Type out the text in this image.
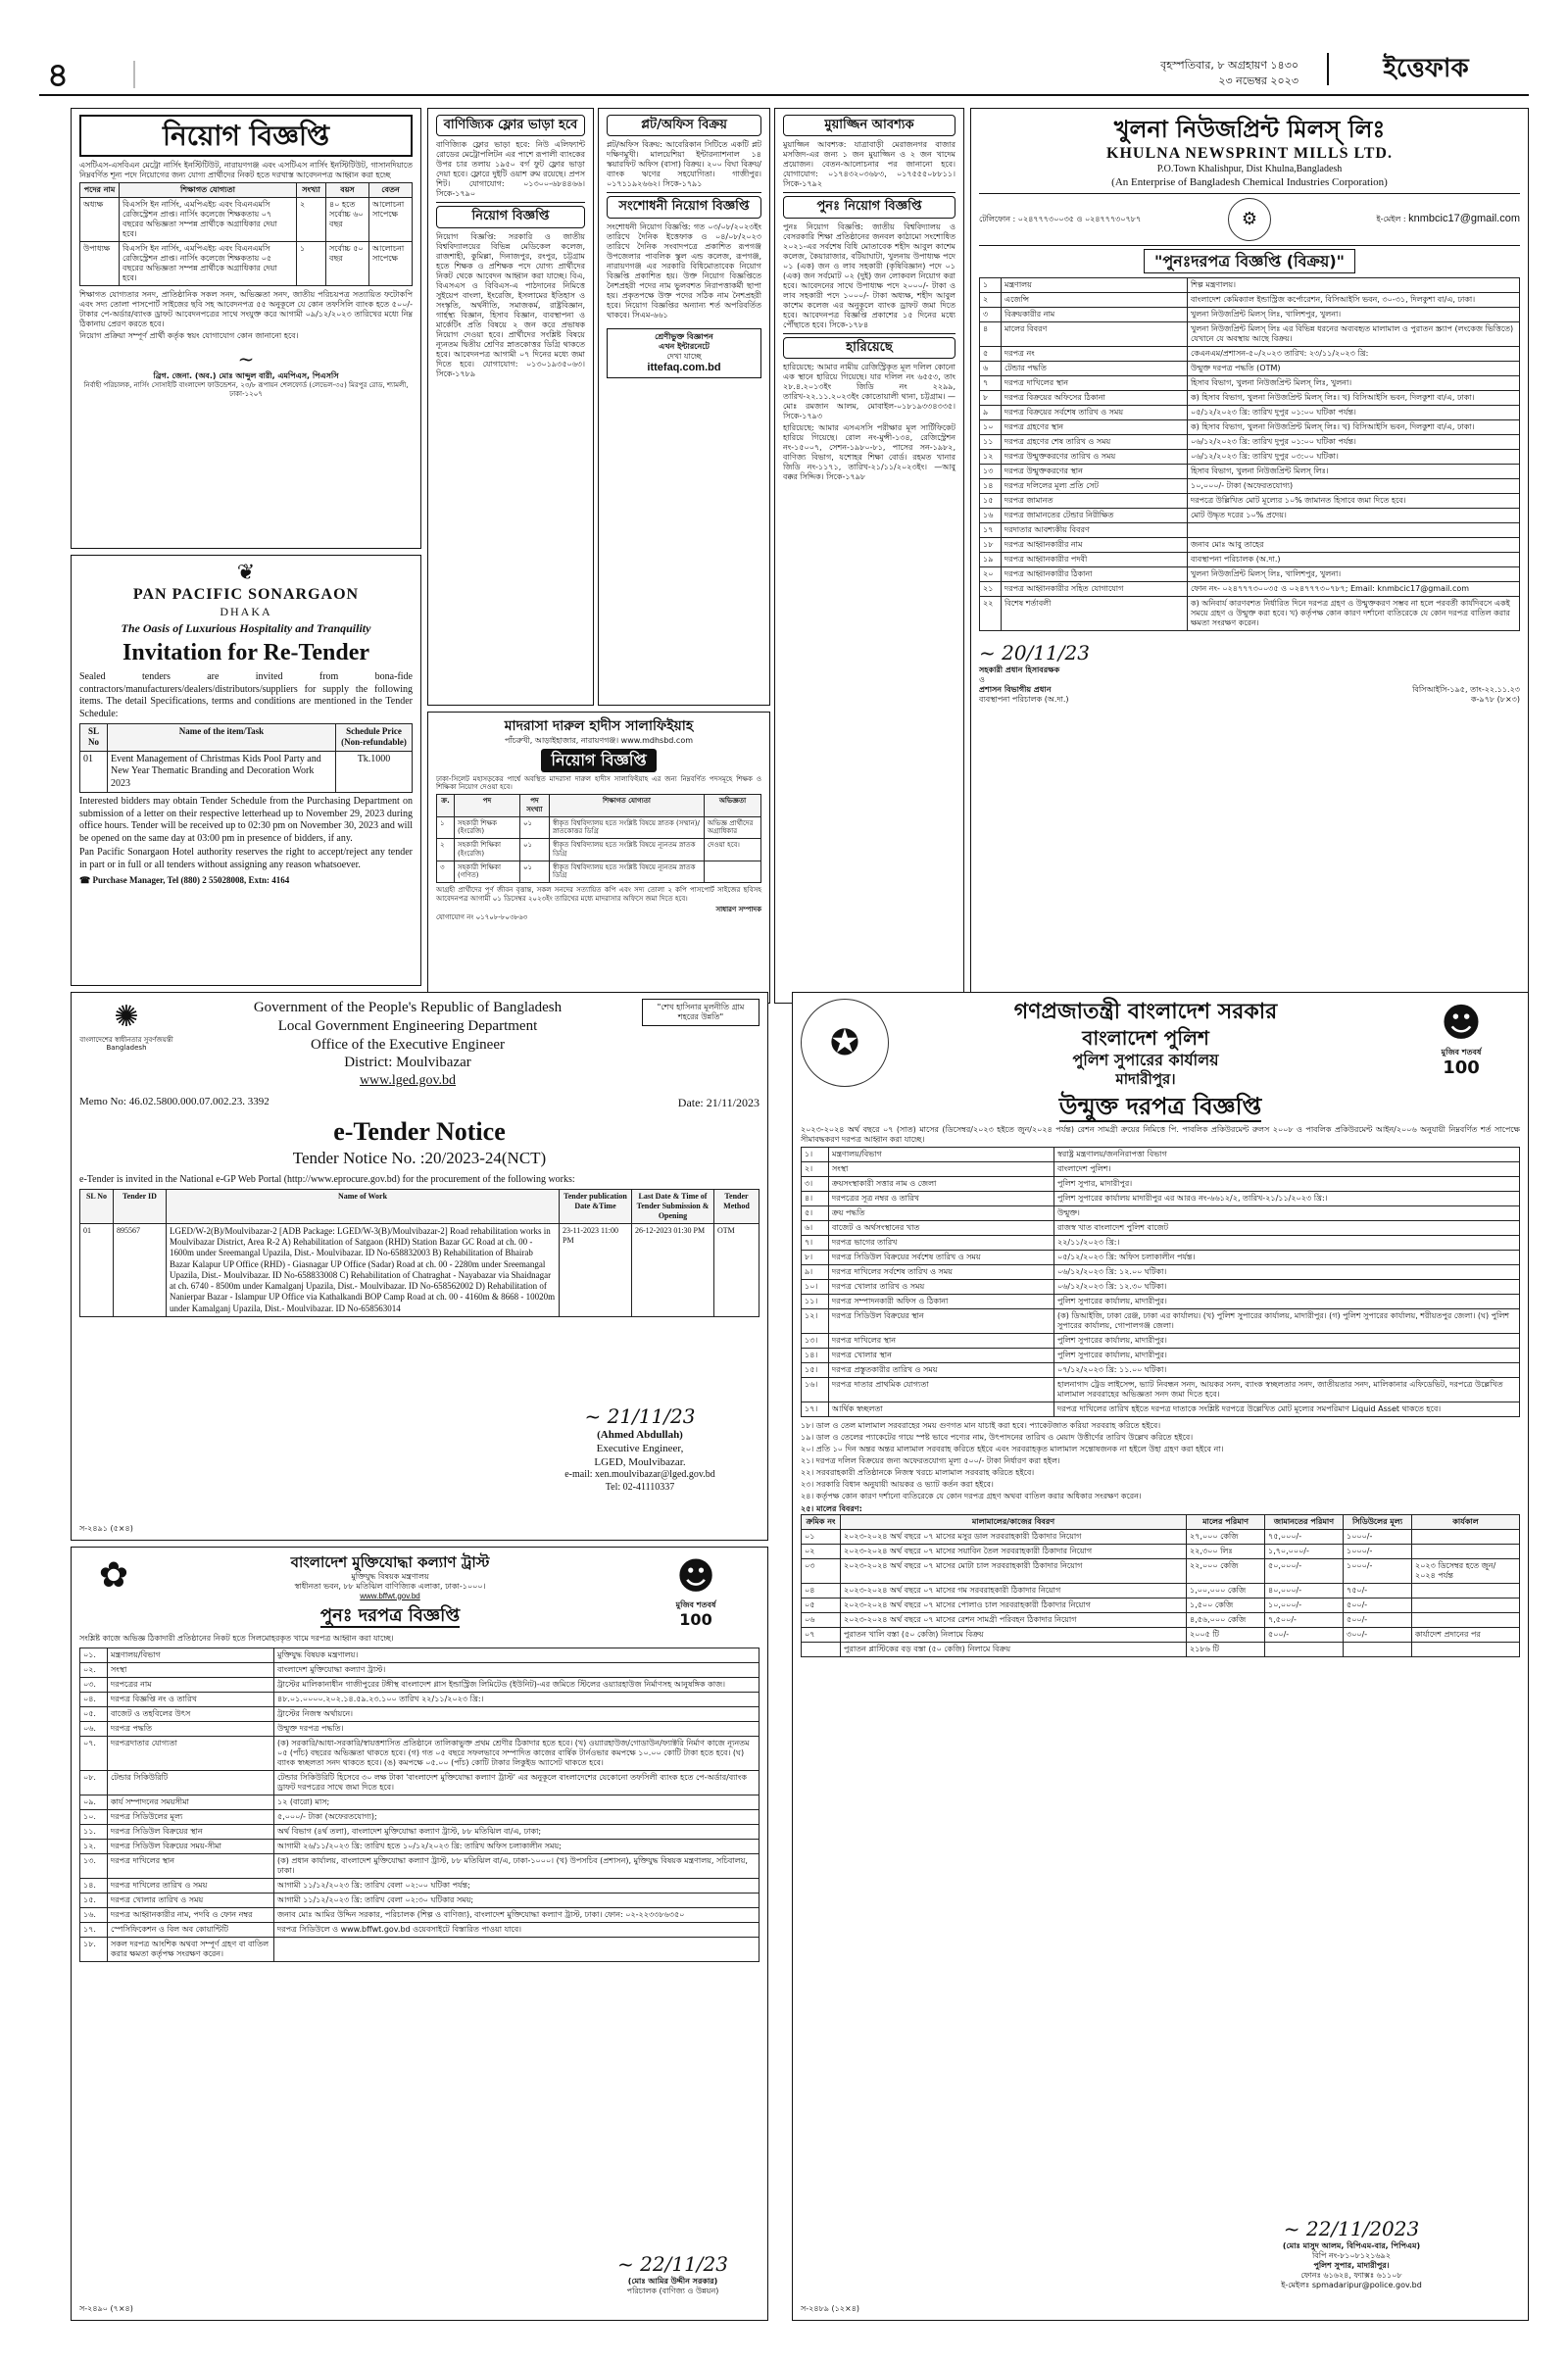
৪	বৃহস্পতিবার, ৮ অগ্রহায়ণ ১৪৩০
২৩ নভেম্বর ২০২৩	ইত্তেফাক
নিয়োগ বিজ্ঞপ্তি

এসটিএস-এসবিএন মেট্রো নার্সিং ইনস্টিটিউট, নারায়ণগঞ্জ এবং এসটিএস নার্সিং ইনস্টিটিউট, গাসানদিয়াতে নিম্নবর্ণিত শূন্য পদে নিয়োগের জন্য যোগ্য প্রার্থীদের নিকট হতে দরখাস্ত আবেদনপত্র আহ্বান করা হচ্ছে

পদের নাম	শিক্ষাগত যোগ্যতা	সংখ্যা	বয়স	বেতন
অধ্যক্ষ	বিএসসি ইন নার্সিং, এমপিএইচ এবং বিএনএমসি রেজিস্ট্রেশন প্রাপ্ত। নার্সিং কলেজে শিক্ষকতায় ০৭ বছরের অভিজ্ঞতা সম্পন্ন প্রার্থীকে অগ্রাধিকার দেয়া হবে।	২	৪০ হতে সর্বোচ্চ ৬০ বছর	আলোচনা সাপেক্ষে
উপাধ্যক্ষ	বিএসসি ইন নার্সিং, এমপিএইচ এবং বিএনএমসি রেজিস্ট্রেশন প্রাপ্ত। নার্সিং কলেজে শিক্ষকতায় ০৫ বছরের অভিজ্ঞতা সম্পন্ন প্রার্থীকে অগ্রাধিকার দেয়া হবে।	১	সর্বোচ্চ ৫০ বছর	আলোচনা সাপেক্ষে

শিক্ষাগত যোগ্যতার সনদ, প্রাতিষ্ঠানিক সকল সনদ, অভিজ্ঞতা সনদ, জাতীয় পরিচয়পত্র সত্যায়িত ফটোকপি এবং সদ্য তোলা পাসপোর্ট সাইজের ছবি সহ আবেদনপত্র ৫৫ অনুকূলে যে কোন তফসিলি ব্যাংক হতে ৫০০/- টাকার পে-অর্ডার/ব্যাংক ড্রাফট আবেদনপত্রের সাথে সংযুক্ত করে আগামী ০৯/১২/২০২৩ তারিখের মধ্যে নিম্ন ঠিকানায় প্রেরণ করতে হবে।

নিয়োগ প্রক্রিয়া সম্পূর্ণ প্রার্থী কর্তৃক স্বয়ং যোগাযোগ কোন জানানো হবে।

~
ব্রিগ. জেনা. (অব.) মোঃ আব্দুল বারী, এমপিএস, পিএসসি
নির্বাহী পরিচালক, নার্সিং সোসাইটি বাংলাদেশ ফাউন্ডেশন, ২৩/৮ রূপায়ন শেলফোর্ড (লেভেল-৩৫) মিরপুর রোড, শ্যামলী, ঢাকা-১২০৭
❦
PAN PACIFIC SONARGAON
DHAKA
The Oasis of Luxurious Hospitality and Tranquility
Invitation for Re-Tender

Sealed tenders are invited from bona-fide contractors/manufacturers/dealers/distributors/suppliers for supply the following items. The detail Specifications, terms and conditions are mentioned in the Tender Schedule:

SL No	Name of the item/Task	Schedule Price (Non-refundable)
01	Event Management of Christmas Kids Pool Party and New Year Thematic Branding and Decoration Work 2023	Tk.1000

Interested bidders may obtain Tender Schedule from the Purchasing Department on submission of a letter on their respective letterhead up to November 29, 2023 during office hours. Tender will be received up to 02:30 pm on November 30, 2023 and will be opened on the same day at 03:00 pm in presence of bidders, if any.

Pan Pacific Sonargaon Hotel authority reserves the right to accept/reject any tender in part or in full or all tenders without assigning any reason whatsoever.

☎ Purchase Manager, Tel (880) 2 55028008, Extn: 4164
বাণিজ্যিক ফ্লোর ভাড়া হবে

বাণিজ্যিক ফ্লোর ভাড়া হবে: নিউ এলিফ্যান্ট রোডের মেট্রোপলিটন এর পাশে রূপালী ব্যাংকের উপর চার তলায় ১৯৫০ বর্গ ফুট ফ্লোর ভাড়া দেয়া হবে। ফ্লোরে দুইটি ওয়াশ রুম রয়েছে। প্রপস শিট। যোগাযোগ: ০১৩০০-৬৮৪৪৬৬। সিকে-১৭৯০

নিয়োগ বিজ্ঞপ্তি

নিয়োগ বিজ্ঞপ্তি: সরকারি ও জাতীয় বিশ্ববিদ্যালয়ের বিভিন্ন মেডিকেল কলেজ, রাজশাহী, কুমিল্লা, দিনাজপুর, রংপুর, চট্টগ্রাম হতে শিক্ষক ও প্রশিক্ষক পদে যোগ্য প্রার্থীদের নিকট থেকে আবেদন আহ্বান করা যাচ্ছে। বিএ, বিএসএস ও বিবিএস-এ পাঠদানের নিমিত্তে সুইয়েপ বাংলা, ইংরেজি, ইসলামের ইতিহাস ও সংস্কৃতি, অর্থনীতি, সমাজকর্ম, রাষ্ট্রবিজ্ঞান, গার্হস্থ্য বিজ্ঞান, হিসাব বিজ্ঞান, ব্যবস্থাপনা ও মার্কেটিং প্রতি বিষয়ে ২ জন করে প্রভাষক নিয়োগ দেওয়া হবে। প্রার্থীদের সংশ্লিষ্ট বিষয়ে ন্যূনতম দ্বিতীয় শ্রেণির স্নাতকোত্তর ডিগ্রি থাকতে হবে। আবেদনপত্র আগামী ০৭ দিনের মধ্যে জমা দিতে হবে। যোগাযোগ: ০১৩০১৯৩৫০৬৩। সিকে-১৭৮৯

প্লট/অফিস বিক্রয়

প্লট/অফিস বিক্রয়: আবেরিকান সিটিতে একটি প্লট দক্ষিণমুখী। মালয়েশিয়া ইন্টারন্যাশনাল ১৪ স্কয়ারফিট অফিস (বাসা) বিক্রয়। ২০০ বিঘা বিক্রয়/ব্যাংক ঋণের সহযোগিতা। গাজীপুর। ০১৭১১৯২৬৬২। সিকে-১৭৯১

সংশোধনী নিয়োগ বিজ্ঞপ্তি

সংশোধনী নিয়োগ বিজ্ঞপ্তি: গত ০৩/০৮/২০২৩ইং তারিখে দৈনিক ইত্তেফাক ও ০৪/০৮/২০২৩ তারিখে দৈনিক সংবাদপত্রে প্রকাশিত রূপগঞ্জ উপজেলার পাবলিক স্কুল এন্ড কলেজ, রূপগঞ্জ, নারায়ণগঞ্জ এর সরকারি বিধিমোতাবেক নিয়োগ বিজ্ঞপ্তি প্রকাশিত হয়। উক্ত নিয়োগ বিজ্ঞপ্তিতে নৈশপ্রহরী পদের নাম ভুলবশত নিরাপত্তাকর্মী ছাপা হয়। প্রকৃতপক্ষে উক্ত পদের সঠিক নাম নৈশপ্রহরী হবে। নিয়োগ বিজ্ঞপ্তির অন্যান্য শর্ত অপরিবর্তিত থাকবে। সিএম-৬৬১

শ্রেণীভুক্ত বিজ্ঞাপন
এখন ইন্টারনেটে
দেখা যাচ্ছে
ittefaq.com.bd
মুয়াজ্জিন আবশ্যক

মুয়াজ্জিন আবশ্যক: যাত্রাবাড়ী মেরাজনগর বাজার মসজিদ-এর জন্য ১ জন মুয়াজ্জিন ও ২ জন খাদেম প্রয়োজন। বেতন-আলোচনার পর জানানো হবে। যোগাযোগ: ০১৭৪৩২০৩৬৮৩, ০১৭৫৫৫০৮৮১১। সিকে-১৭৯২

পুনঃ নিয়োগ বিজ্ঞপ্তি

পুনঃ নিয়োগ বিজ্ঞপ্তি: জাতীয় বিশ্ববিদ্যালয় ও বেসরকারি শিক্ষা প্রতিষ্ঠানের জনবল কাঠামো সংশোধিত ২০২১-এর সর্বশেষ বিধি মোতাবেক শহীদ আবুল কাশেম কলেজ, কৈয়ারাজার, বটিয়াঘাটা, খুলনায় উপাধ্যক্ষ পদে ০১ (এক) জন ও লাব সহকারী (কৃষিবিজ্ঞান) পদে ০১ (এক) জন সর্বমোট ০২ (দুই) জন লোকবল নিয়োগ করা হবে। আবেদনের সাথে উপাধ্যক্ষ পদে ২০০০/- টাকা ও লাব সহকারী পদে ১০০০/- টাকা অধ্যক্ষ, শহীদ আবুল কাশেম কলেজ এর অনুকূলে ব্যাংক ড্রাফট জমা দিতে হবে। আবেদনপত্র বিজ্ঞপ্তি প্রকাশের ১৫ দিনের মধ্যে পৌঁছাতে হবে। সিকে-১৭৮৪

হারিয়েছে

হারিয়েছে: আমার নামীয় রেজিস্ট্রিকৃত মূল দলিল কোনো এক স্থানে হারিয়ে গিয়েছে। যার দলিল নং ৬৫৫৩, তাং ২৮.৪.২০১৩ইং জিডি নং ২২৯৯, তারিখ-২২.১১.২০২৩ইং কোতোয়ালী থানা, চট্টগ্রাম। —মোঃ রমজান আলম, মোবাইল-০১৮১৯৩৩৪৩৩৫। সিকে-১৭৯৩

হারিয়েছে: আমার এসএসসি পরীক্ষার মূল সার্টিফিকেট হারিয়ে গিয়েছে। রোল নং-মুন্সী-১৩৪, রেজিস্ট্রেশন নং-১৫০০৭, সেশন-১৯৮০-৮১, পাসের সন-১৯৮২, বাণিজ্য বিভাগ, যশোহর শিক্ষা বোর্ড। রহমত খানার জিডি নং-১১৭১, তারিখ-২১/১১/২০২৩ইং। —আবু বক্কর সিদ্দিক। সিকে-১৭৯৮

মাদরাসা দারুল হাদীস সালাফিইয়াহ
পাঁচরুখী, আড়াইহাজার, নারায়ণগঞ্জ। www.mdhsbd.com
নিয়োগ বিজ্ঞপ্তি

ঢাকা-সিলেট মহাসড়কের পার্শ্বে অবস্থিত মাদরাসা দারুল হাদীস সালাফিইয়াহ এর জন্য নিম্নবর্ণিত পদসমূহে শিক্ষক ও শিক্ষিকা নিয়োগ দেওয়া হবে।

ক্র.	পদ	পদ সংখ্যা	শিক্ষাগত যোগ্যতা	অভিজ্ঞতা
১	সহকারী শিক্ষক (ইংরেজি)	০১	স্বীকৃত বিশ্ববিদ্যালয় হতে সংশ্লিষ্ট বিষয়ে স্নাতক (সম্মান)/ স্নাতকোত্তর ডিগ্রি	অভিজ্ঞ প্রার্থীদের অগ্রাধিকার
২	সহকারী শিক্ষিকা (ইংরেজি)	০১	স্বীকৃত বিশ্ববিদ্যালয় হতে সংশ্লিষ্ট বিষয়ে ন্যূনতম স্নাতক ডিগ্রি	দেওয়া হবে।
৩	সহকারী শিক্ষিকা (গণিত)	০১	স্বীকৃত বিশ্ববিদ্যালয় হতে সংশ্লিষ্ট বিষয়ে ন্যূনতম স্নাতক ডিগ্রি	

আগ্রহী প্রার্থীদের পূর্ণ জীবন বৃত্তান্ত, সকল সনদের সত্যায়িত কপি এবং সদ্য তোলা ২ কপি পাসপোর্ট সাইজের ছবিসহ আবেদনপত্র আগামী ০১ ডিসেম্বর ২০২৩ইং তারিখের মধ্যে মাদরাসার অফিসে জমা দিতে হবে।

সাধারণ সম্পাদক
যোগাযোগ নং ০১৭০৮-৮০৩৮৬৩
খুলনা নিউজপ্রিন্ট মিলস্‌ লিঃ
KHULNA NEWSPRINT MILLS LTD.
P.O.Town Khalishpur, Dist Khulna,Bangladesh
(An Enterprise of Bangladesh Chemical Industries Corporation)
টেলিফোন : ০২৪৭৭৭৩০০৩৫ ও ০২৪৭৭৭৩০৭৮৭	⚙	ই-মেইল : knmbcic17@gmail.com
"পুনঃদরপত্র বিজ্ঞপ্তি (বিক্রয়)"
১	মন্ত্রণালয়	শিল্প মন্ত্রণালয়।
২	এজেন্সি	বাংলাদেশ কেমিক্যাল ইন্ডাস্ট্রিজ কর্পোরেশন, বিসিআইসি ভবন, ৩০-৩১, দিলকুশা বা/এ, ঢাকা।
৩	বিক্রয়কারীর নাম	খুলনা নিউজপ্রিন্ট মিলস্‌ লিঃ, খালিশপুর, খুলনা।
৪	মালের বিবরণ	খুলনা নিউজপ্রিন্ট মিলস্‌ লিঃ এর বিভিন্ন ধরনের অব্যবহৃত মালামাল ও পুরাতন স্ক্র্যাপ (লংকেজ ভিত্তিতে) যেখানে যে অবস্থায় আছে বিক্রয়।
৫	দরপত্র নং	কেএনএম/প্রশাসন-৫০/২০২৩ তারিখ: ২৩/১১/২০২৩ খ্রি:
৬	টেন্ডার পদ্ধতি	উন্মুক্ত দরপত্র পদ্ধতি (OTM)
৭	দরপত্র দাখিলের স্থান	হিসাব বিভাগ, খুলনা নিউজপ্রিন্ট মিলস্‌ লিঃ, খুলনা।
৮	দরপত্র বিক্রয়ের অফিসের ঠিকানা	ক) হিসাব বিভাগ, খুলনা নিউজপ্রিন্ট মিলস্‌ লিঃ। খ) বিসিআইসি ভবন, দিলকুশা বা/এ, ঢাকা।
৯	দরপত্র বিক্রয়ের সর্বশেষ তারিখ ও সময়	০৫/১২/২০২৩ খ্রি: তারিখ দুপুর ০১:০০ ঘটিকা পর্যন্ত।
১০	দরপত্র গ্রহণের স্থান	ক) হিসাব বিভাগ, খুলনা নিউজপ্রিন্ট মিলস্‌ লিঃ। খ) বিসিআইসি ভবন, দিলকুশা বা/এ, ঢাকা।
১১	দরপত্র গ্রহণের শেষ তারিখ ও সময়	০৬/১২/২০২৩ খ্রি: তারিখ দুপুর ০১:০০ ঘটিকা পর্যন্ত।
১২	দরপত্র উন্মুক্তকরণের তারিখ ও সময়	০৬/১২/২০২৩ খ্রি: তারিখ দুপুর ০৩:০০ ঘটিকা।
১৩	দরপত্র উন্মুক্তকরণের স্থান	হিসাব বিভাগ, খুলনা নিউজপ্রিন্ট মিলস্‌ লিঃ।
১৪	দরপত্র দলিলের মূল্য প্রতি সেট	১০,০০০/- টাকা (অফেরতযোগ্য)
১৫	দরপত্র জামানত	দরপত্রে উল্লিখিত মোট মূল্যের ১০% জামানত হিসাবে জমা দিতে হবে।
১৬	দরপত্র জামানতের টেন্ডার নিরীক্ষিত	মোট উদ্ধৃত দরের ১০% প্রদেয়।
১৭	দরদাতার আবশ্যকীয় বিবরণ	
১৮	দরপত্র আহ্বানকারীর নাম	জনাব মোঃ আবু তাহের
১৯	দরপত্র আহ্বানকারীর পদবী	ব্যবস্থাপনা পরিচালক (অ.দা.)
২০	দরপত্র আহ্বানকারীর ঠিকানা	খুলনা নিউজপ্রিন্ট মিলস্‌ লিঃ, খালিশপুর, খুলনা।
২১	দরপত্র আহ্বানকারীর সহিত যোগাযোগ	ফোন নং- ০২৪৭৭৭৩০০৩৫ ও ০২৪৭৭৭৩০৭৮৭; Email: knmbcic17@gmail.com
২২	বিশেষ শর্তাবলী	ক) অনিবার্য কারণবশত নির্ধারিত দিনে দরপত্র গ্রহণ ও উন্মুক্তকরণ সম্ভব না হলে পরবর্তী কার্যদিবসে একই সময়ে গ্রহণ ও উন্মুক্ত করা হবে। খ) কর্তৃপক্ষ কোন কারণ দর্শানো ব্যতিরেকে যে কোন দরপত্র বাতিল করার ক্ষমতা সংরক্ষণ করেন।
~ 20/11/23
সহকারী প্রধান হিসাবরক্ষক
ও
প্রশাসন বিভাগীয় প্রধান
ব্যবস্থাপনা পরিচালক (অ.দা.)
বিসিআইসি-১৯৫, তাং-২২.১১.২৩
ক-৯৭৮ (৮×৩)
✺
বাংলাদেশের স্বাধীনতার সুবর্ণজয়ন্তী Bangladesh
Government of the People's Republic of Bangladesh
Local Government Engineering Department
Office of the Executive Engineer
District: Moulvibazar
www.lged.gov.bd
"শেখ হাসিনার মূলনীতি গ্রাম শহরের উন্নতি"
Memo No: 46.02.5800.000.07.002.23. 3392	Date: 21/11/2023
e-Tender Notice
Tender Notice No. :20/2023-24(NCT)

e-Tender is invited in the National e-GP Web Portal (http://www.eprocure.gov.bd) for the procurement of the following works:

SL No	Tender ID	Name of Work	Tender publication Date &Time	Last Date & Time of Tender Submission & Opening	Tender Method
01	895567	LGED/W-2(B)/Moulvibazar-2 [ADB Package: LGED/W-3(B)/Moulvibazar-2] Road rehabilitation works in Moulvibazar District, Area R-2 A) Rehabilitation of Satgaon (RHD) Station Bazar GC Road at ch. 00 - 1600m under Sreemangal Upazila, Dist.- Moulvibazar. ID No-658832003 B) Rehabilitation of Bhairab Bazar Kalapur UP Office (RHD) - Giasnagar UP Office (Sadar) Road at ch. 00 - 2280m under Sreemangal Upazila, Dist.- Moulvibazar. ID No-658833008 C) Rehabilitation of Chatraghat - Nayabazar via Shaidnagar at ch. 6740 - 8500m under Kamalganj Upazila, Dist.- Moulvibazar. ID No-658562002 D) Rehabilitation of Nanierpar Bazar - Islampur UP Office via Kathalkandi BOP Camp Road at ch. 00 - 4160m & 8668 - 10020m under Kamalganj Upazila, Dist.- Moulvibazar. ID No-658563014	23-11-2023 11:00 PM	26-12-2023 01:30 PM	OTM
~ 21/11/23
(Ahmed Abdullah)
Executive Engineer,
LGED, Moulvibazar.
e-mail: xen.moulvibazar@lged.gov.bd
Tel: 02-41110337
স-২৪৯১ (৫×৪)
✿	বাংলাদেশ মুক্তিযোদ্ধা কল্যাণ ট্রাস্ট
মুক্তিযুদ্ধ বিষয়ক মন্ত্রণালয়
স্বাধীনতা ভবন, ৮৮ মতিঝিল বাণিজ্যিক এলাকা, ঢাকা-১০০০।
www.bffwt.gov.bd
পুনঃ দরপত্র বিজ্ঞপ্তি
☻
মুজিব শতবর্ষ
100

সংশ্লিষ্ট কাজে অভিজ্ঞ ঠিকাদারী প্রতিষ্ঠানের নিকট হতে সিলমোহরকৃত খামে দরপত্র আহ্বান করা যাচ্ছে।

০১.	মন্ত্রণালয়/বিভাগ	মুক্তিযুদ্ধ বিষয়ক মন্ত্রণালয়।
০২.	সংস্থা	বাংলাদেশ মুক্তিযোদ্ধা কল্যাণ ট্রাস্ট।
০৩.	দরপত্রের নাম	ট্রাস্টের মালিকানাধীন গাজীপুরের টঙ্গীস্থ বাংলাদেশ গ্লাস ইন্ডাস্ট্রিজ লিমিটেড (ইউনিট)-এর জমিতে স্টিলের ওয়্যারহাউজ নির্মাণসহ আনুষঙ্গিক কাজ।
০৪.	দরপত্র বিজ্ঞপ্তি নং ও তারিখ	৪৮.০১.০০০০.২০২.১৪.৫৯.২৩.১০০ তারিখ ২২/১১/২০২৩ খ্রি:।
০৫.	বাজেট ও তহবিলের উৎস	ট্রাস্টের নিজস্ব অর্থায়নে।
০৬.	দরপত্র পদ্ধতি	উন্মুক্ত দরপত্র পদ্ধতি।
০৭.	দরপত্রদাতার যোগ্যতা	(ক) সরকারি/আধা-সরকারি/স্বায়ত্তশাসিত প্রতিষ্ঠানে তালিকাভুক্ত প্রথম শ্রেণীর ঠিকাদার হতে হবে। (খ) ওয়্যারহাউজ/গোডাউন/ফ্যাক্টরি নির্মাণ কাজে ন্যূনতম ০৫ (পাঁচ) বছরের অভিজ্ঞতা থাকতে হবে। (গ) গত ০৫ বছরে সফলভাবে সম্পাদিত কাজের বার্ষিক টার্নওভার কমপক্ষে ১০.০০ কোটি টাকা হতে হবে। (ঘ) ব্যাংক স্বচ্ছলতা সনদ থাকতে হবে। (ঙ) কমপক্ষে ০৫.০০ (পাঁচ) কোটি টাকার লিকুইড অ্যাসেট থাকতে হবে।
০৮.	টেন্ডার সিকিউরিটি	টেন্ডার সিকিউরিটি হিসেবে ৩০ লক্ষ টাকা 'বাংলাদেশ মুক্তিযোদ্ধা কল্যাণ ট্রাস্ট' এর অনুকূলে বাংলাদেশের যেকোনো তফসিলী ব্যাংক হতে পে-অর্ডার/ব্যাংক ড্রাফট দরপত্রের সাথে জমা দিতে হবে।
০৯.	কার্য সম্পাদনের সময়সীমা	১২ (বারো) মাস;
১০.	দরপত্র সিডিউলের মূল্য	৫,০০০/- টাকা (অফেরতযোগ্য);
১১.	দরপত্র সিডিউল বিক্রয়ের স্থান	অর্থ বিভাগ (৪র্থ তলা), বাংলাদেশ মুক্তিযোদ্ধা কল্যাণ ট্রাস্ট, ৮৮ মতিঝিল বা/এ, ঢাকা;
১২.	দরপত্র সিডিউল বিক্রয়ের সময়-সীমা	আগামী ২৬/১১/২০২৩ খ্রি: তারিখ হতে ১০/১২/২০২৩ খ্রি: তারিখ অফিস চলাকালীন সময়;
১৩.	দরপত্র দাখিলের স্থান	(ক) প্রধান কার্যালয়, বাংলাদেশ মুক্তিযোদ্ধা কল্যাণ ট্রাস্ট, ৮৮ মতিঝিল বা/এ, ঢাকা-১০০০। (খ) উপসচিব (প্রশাসন), মুক্তিযুদ্ধ বিষয়ক মন্ত্রণালয়, সচিবালয়, ঢাকা।
১৪.	দরপত্র দাখিলের তারিখ ও সময়	আগামী ১১/১২/২০২৩ খ্রি: তারিখ বেলা ০২:০০ ঘটিকা পর্যন্ত;
১৫.	দরপত্র খোলার তারিখ ও সময়	আগামী ১১/১২/২০২৩ খ্রি: তারিখ বেলা ০২:৩০ ঘটিকার সময়;
১৬.	দরপত্র আহ্বানকারীর নাম, পদবি ও ফোন নম্বর	জনাব মোঃ আমির উদ্দিন সরকার, পরিচালক (শিল্প ও বাণিজ্য), বাংলাদেশ মুক্তিযোদ্ধা কল্যাণ ট্রাস্ট, ঢাকা। ফোন: ০২-২২৩৩৮৬৩৫০
১৭.	স্পেসিফিকেশন ও বিল অব কোয়ান্টিটি	দরপত্র সিডিউলে ও www.bffwt.gov.bd ওয়েবসাইটে বিস্তারিত পাওয়া যাবে।
১৮.	সকল দরপত্র আংশিক অথবা সম্পূর্ণ গ্রহণ বা বাতিল করার ক্ষমতা কর্তৃপক্ষ সংরক্ষণ করেন।	
~ 22/11/23
(মোঃ আমির উদ্দীন সরকার)
পরিচালক (বাণিজ্য ও উন্নয়ন)
স-২৪৯০ (৭×৪)
✪
গণপ্রজাতন্ত্রী বাংলাদেশ সরকার
বাংলাদেশ পুলিশ
পুলিশ সুপারের কার্যালয়
মাদারীপুর।
☻
মুজিব শতবর্ষ
100
উন্মুক্ত দরপত্র বিজ্ঞপ্তি

২০২৩-২০২৪ অর্থ বছরে ০৭ (সাত) মাসের (ডিসেম্বর/২০২৩ হইতে জুন/২০২৪ পর্যন্ত) রেশন সামগ্রী ক্রয়ের নিমিত্তে পি. পাবলিক প্রকিউরমেন্ট রুলস ২০০৮ ও পাবলিক প্রকিউরমেন্ট আইন/২০০৬ অনুযায়ী নিম্নবর্ণিত শর্ত সাপেক্ষে সীমাবদ্ধকরণ দরপত্র আহ্বান করা যাচ্ছে।

১।	মন্ত্রণালয়/বিভাগ	স্বরাষ্ট্র মন্ত্রণালয়/জননিরাপত্তা বিভাগ
২।	সংস্থা	বাংলাদেশ পুলিশ।
৩।	ক্রয়সংস্থাকারী সত্তার নাম ও জেলা	পুলিশ সুপার, মাদারীপুর।
৪।	দরপত্রের সূত্র নম্বর ও তারিখ	পুলিশ সুপারের কার্যালয় মাদারীপুর এর আরও নং-৬৬১২/২, তারিখ-২১/১১/২০২৩ খ্রি:।
৫।	ক্রয় পদ্ধতি	উন্মুক্ত।
৬।	বাজেট ও অর্থসংস্থানের খাত	রাজস্ব খাত বাংলাদেশ পুলিশ বাজেট
৭।	দরপত্র ভাগের তারিখ	২২/১১/২০২৩ খ্রি:।
৮।	দরপত্র সিডিউল বিক্রয়ের সর্বশেষ তারিখ ও সময়	০৫/১২/২০২৩ খ্রি: অফিস চলাকালীন পর্যন্ত।
৯।	দরপত্র দাখিলের সর্বশেষ তারিখ ও সময়	০৬/১২/২০২৩ খ্রি: ১২.০০ ঘটিকা।
১০।	দরপত্র খোলার তারিখ ও সময়	০৬/১২/২০২৩ খ্রি: ১২.৩০ ঘটিকা।
১১।	দরপত্র সম্পাদনকারী অফিস ও ঠিকানা	পুলিশ সুপারের কার্যালয়, মাদারীপুর।
১২।	দরপত্র সিডিউল বিক্রয়ের স্থান	(ক) ডিআইজি, ঢাকা রেঞ্জ, ঢাকা এর কার্যালয়। (খ) পুলিশ সুপারের কার্যালয়, মাদারীপুর। (গ) পুলিশ সুপারের কার্যালয়, শরীয়তপুর জেলা। (ঘ) পুলিশ সুপারের কার্যালয়, গোপালগঞ্জ জেলা।
১৩।	দরপত্র দাখিলের স্থান	পুলিশ সুপারের কার্যালয়, মাদারীপুর।
১৪।	দরপত্র খোলার স্থান	পুলিশ সুপারের কার্যালয়, মাদারীপুর।
১৫।	দরপত্র প্রস্তুতকারীর তারিখ ও সময়	০৭/১২/২০২৩ খ্রি: ১১.০০ ঘটিকা।
১৬।	দরপত্র দাতার প্রাথমিক যোগ্যতা	হালনাগাদ ট্রেড লাইসেন্স, ভ্যাট নিবন্ধন সনদ, আয়কর সনদ, ব্যাংক স্বচ্ছলতার সনদ, জাতীয়তার সনদ, মালিকানার এফিডেভিট, দরপত্রে উল্লেখিত মালামাল সরবরাহের অভিজ্ঞতা সনদ জমা দিতে হবে।
১৭।	আর্থিক স্বচ্ছলতা	দরপত্র দাখিলের তারিখ হইতে দরপত্র দাতাকে সংশ্লিষ্ট দরপত্রে উল্লেখিত মোট মূল্যের সমপরিমাণ Liquid Asset থাকতে হবে।

১৮। ডাল ও তেল মালামাল সরবরাহের সময় গুণগত মান যাচাই করা হবে। প্যাকেটজাত করিয়া সরবরাহ করিতে হইবে।

১৯। ডাল ও তেলের প্যাকেটের গায়ে স্পষ্ট ভাবে পণ্যের নাম, উৎপাদনের তারিখ ও মেয়াদ উত্তীর্ণের তারিখ উল্লেখ করিতে হইবে।

২০। প্রতি ১০ দিন অন্তর অন্তর মালামাল সরবরাহ করিতে হইবে এবং সরবরাহকৃত মালামাল সন্তোষজনক না হইলে উহা গ্রহণ করা হইবে না।

২১। দরপত্র দলিল বিক্রয়ের জন্য অফেরতযোগ্য মূল্য ৫০০/- টাকা নির্ধারণ করা হইল।

২২। সরবরাহকারী প্রতিষ্ঠানকে নিজস্ব খরচে মালামাল সরবরাহ করিতে হইবে।

২৩। সরকারি বিধান অনুযায়ী আয়কর ও ভ্যাট কর্তন করা হইবে।

২৪। কর্তৃপক্ষ কোন কারণ দর্শানো ব্যতিরেকে যে কোন দরপত্র গ্রহণ অথবা বাতিল করার অধিকার সংরক্ষণ করেন।

২৫। মালের বিবরণ:
ক্রমিক নং	মালামালের/কাজের বিবরণ	মালের পরিমাণ	জামানতের পরিমাণ	সিডিউলের মূল্য	কার্যকাল
০১	২০২৩-২০২৪ অর্থ বছরে ০৭ মাসের মসুর ডাল সরবরাহকারী ঠিকাদার নিয়োগ	২৭,০০০ কেজি	৭৫,০০০/-	১০০০/-	
০২	২০২৩-২০২৪ অর্থ বছরে ০৭ মাসের সয়াবিন তৈল সরবরাহকারী ঠিকাদার নিয়োগ	২২,৩০০ লিঃ	১,৭০,০০০/-	১০০০/-	
০৩	২০২৩-২০২৪ অর্থ বছরে ০৭ মাসের মোটা চাল সরবরাহকারী ঠিকাদার নিয়োগ	২২,০০০ কেজি	৫০,০০০/-	১০০০/-	২০২৩ ডিসেম্বর হতে জুন/২০২৪ পর্যন্ত
০৪	২০২৩-২০২৪ অর্থ বছরে ০৭ মাসের গম সরবরাহকারী ঠিকাদার নিয়োগ	১,০০,০০০ কেজি	৪০,০০০/-	৭৫০/-	
০৫	২০২৩-২০২৪ অর্থ বছরে ০৭ মাসের পোলাও চাল সরবরাহকারী ঠিকাদার নিয়োগ	১,৫০০ কেজি	১০,০০০/-	৫০০/-	
০৬	২০২৩-২০২৪ অর্থ বছরে ০৭ মাসের রেশন সামগ্রী পরিবহন ঠিকাদার নিয়োগ	৪,৫৬,০০০ কেজি	৭,৫০০/-	৫০০/-	
০৭	পুরাতন খালি বস্তা (৫০ কেজি) নিলামে বিক্রয়	২০০৫ টি	৫০০/-	৩০০/-	কার্যাদেশ প্রদানের পর
	পুরাতন প্লাস্টিকের বড় বস্তা (৫০ কেজি) নিলামে বিক্রয়	২১৮৬ টি			
~ 22/11/2023
(মোঃ মাসুদ আলম, বিপিএম-বার, পিপিএম)
বিপি নং-৮১০৮১২১৬৯২
পুলিশ সুপার, মাদারীপুর।
ফোনঃ ৬১৬২৪, ফ্যাক্সঃ ৬১১০৮
ই-মেইলঃ spmadaripur@police.gov.bd
স-২৪৮৯ (১২×৪)
